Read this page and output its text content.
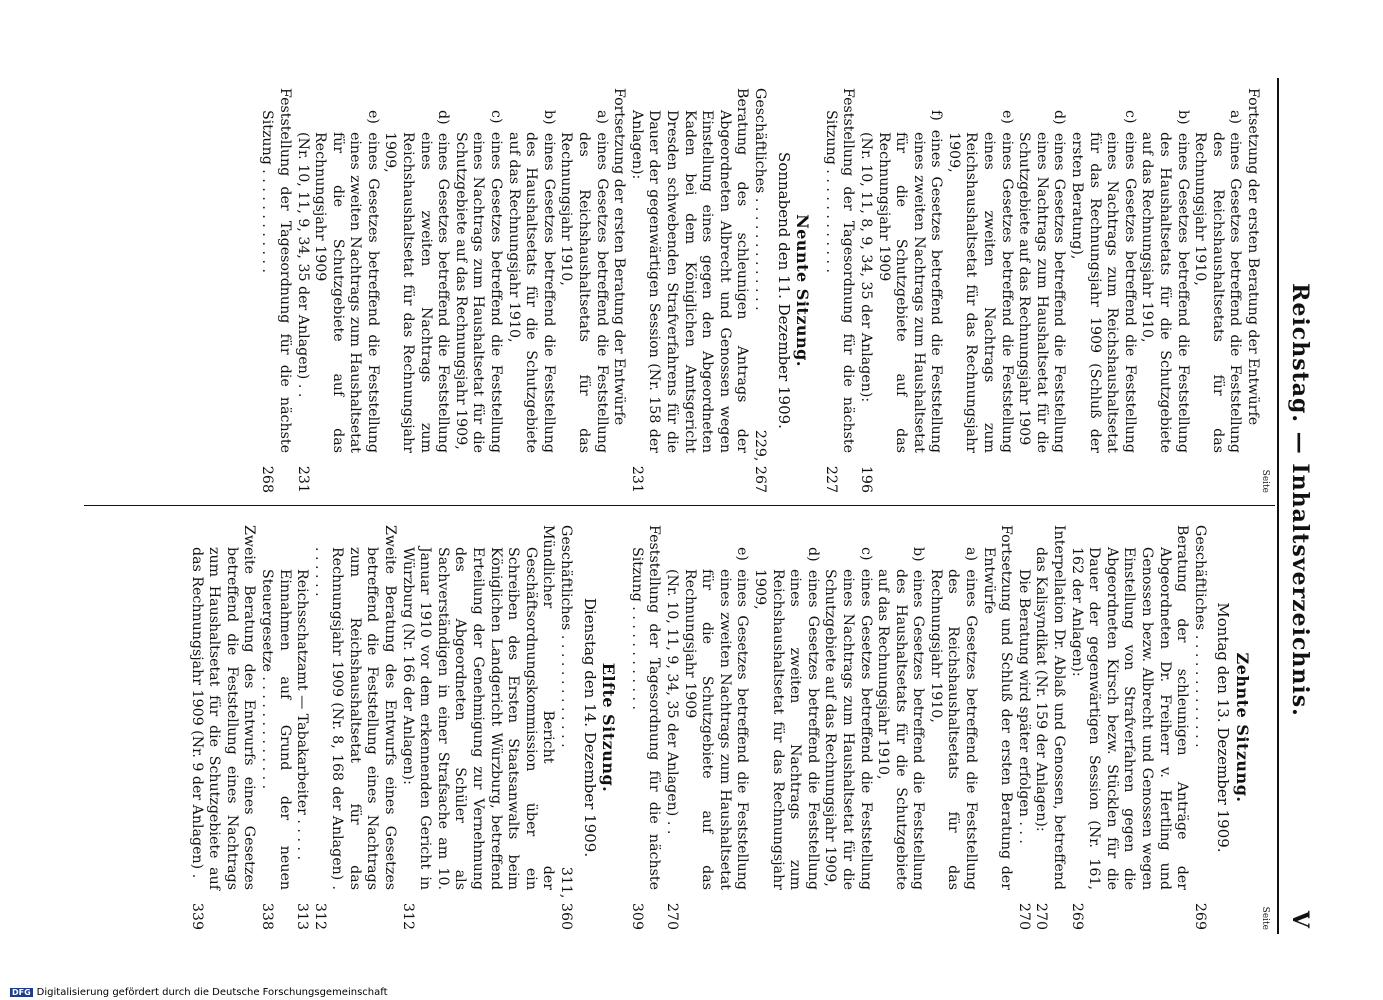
Reichstag. — Inhaltsverzeichnis.
V
Seite
Fortsetzung der ersten Beratung der Entwürfe
a) eines Gesetzes betreffend die Feststellung des Reichshaushaltsetats für das Rechnungsjahr 1910,
b) eines Gesetzes betreffend die Feststellung des Haushaltsetats für die Schutzgebiete auf das Rechnungsjahr 1910,
c) eines Gesetzes betreffend die Feststellung eines Nachtrags zum Reichshaushaltsetat für das Rechnungsjahr 1909 (Schluß der ersten Beratung),
d) eines Gesetzes betreffend die Feststellung eines Nachtrags zum Haushaltsetat für die Schutzgebiete auf das Rechnungsjahr 1909
e) eines Gesetzes betreffend die Feststellung eines zweiten Nachtrags zum Reichshaushaltsetat für das Rechnungsjahr 1909,
f) eines Gesetzes betreffend die Feststellung eines zweiten Nachtrags zum Haushaltsetat für die Schutzgebiete auf das Rechnungsjahr 1909
(Nr. 10, 11, 8, 9, 34, 35 der Anlagen):
196
Feststellung der Tagesordnung für die nächste Sitzung . . . . . . . . . . . .
227
Neunte Sitzung.
Sonnabend den 11. Dezember 1909.
Geschäftliches . . . . . . . . . . . . .
229, 267
Beratung des schleunigen Antrags der Abgeordneten Albrecht und Genossen wegen Einstellung eines gegen den Abgeordneten Kaden bei dem Königlichen Amtsgericht Dresden schwebenden Strafverfahrens für die Dauer der gegenwärtigen Session (Nr. 158 der Anlagen):
231
Fortsetzung der ersten Beratung der Entwürfe
a) eines Gesetzes betreffend die Feststellung des Reichshaushaltsetats für das Rechnungsjahr 1910,
b) eines Gesetzes betreffend die Feststellung des Haushaltsetats für die Schutzgebiete auf das Rechnungsjahr 1910,
c) eines Gesetzes betreffend die Feststellung eines Nachtrags zum Haushaltsetat für die Schutzgebiete auf das Rechnungsjahr 1909,
d) eines Gesetzes betreffend die Feststellung eines zweiten Nachtrags zum Reichshaushaltsetat für das Rechnungsjahr 1909,
e) eines Gesetzes betreffend die Feststellung eines zweiten Nachtrags zum Haushaltsetat für die Schutzgebiete auf das Rechnungsjahr 1909
(Nr. 10, 11, 9, 34, 35 der Anlagen) . .
231
Feststellung der Tagesordnung für die nächste Sitzung . . . . . . . . . . . .
268
Seite
Zehnte Sitzung.
Montag den 13. Dezember 1909.
Geschäftliches . . . . . . . . . . . . .
269
Beratung der schleunigen Anträge der Abgeordneten Dr. Freiherr v. Hertling und Genossen bezw. Albrecht und Genossen wegen Einstellung von Strafverfahren gegen die Abgeordneten Kirsch bezw. Stücklen für die Dauer der gegenwärtigen Session (Nr. 161, 162 der Anlagen):
269
Interpellation Dr. Ablaß und Genossen, betreffend das Kalisyndikat (Nr. 159 der Anlagen):
270
Die Beratung wird später erfolgen . . .
270
Fortsetzung und Schluß der ersten Beratung der Entwürfe
a) eines Gesetzes betreffend die Feststellung des Reichshaushaltsetats für das Rechnungsjahr 1910,
b) eines Gesetzes betreffend die Feststellung des Haushaltsetats für die Schutzgebiete auf das Rechnungsjahr 1910,
c) eines Gesetzes betreffend die Feststellung eines Nachtrags zum Haushaltsetat für die Schutzgebiete auf das Rechnungsjahr 1909,
d) eines Gesetzes betreffend die Feststellung eines zweiten Nachtrags zum Reichshaushaltsetat für das Rechnungsjahr 1909,
e) eines Gesetzes betreffend die Feststellung eines zweiten Nachtrags zum Haushaltsetat für die Schutzgebiete auf das Rechnungsjahr 1909
(Nr. 10, 11, 9, 34, 35 der Anlagen) . .
270
Feststellung der Tagesordnung für die nächste Sitzung . . . . . . . . . . . .
309
Elfte Sitzung.
Dienstag den 14. Dezember 1909.
Geschäftliches . . . . . . . . . . . . .
311, 360
Mündlicher Bericht der Geschäftsordnungskommission über ein Schreiben des Ersten Staatsanwalts beim Königlichen Landgericht Würzburg, betreffend Erteilung der Genehmigung zur Vernehmung des Abgeordneten Schüler als Sachverständigen in einer Strafsache am 10. Januar 1910 vor dem erkennenden Gericht in Würzburg (Nr. 166 der Anlagen):
312
Zweite Beratung des Entwurfs eines Gesetzes betreffend die Feststellung eines Nachtrags zum Reichshaushaltsetat für das Rechnungsjahr 1909 (Nr. 8, 168 der Anlagen) . . . . . . .
312
Reichsschatzamt — Tabakarbeiter . . . . .
313
Einnahmen auf Grund der neuen Steuergesetze . . . . . . . . . . . . .
338
Zweite Beratung des Entwurfs eines Gesetzes betreffend die Feststellung eines Nachtrags zum Haushaltsetat für die Schutzgebiete auf das Rechnungsjahr 1909 (Nr. 9 der Anlagen) .
339
DFG Digitalisierung gefördert durch die Deutsche Forschungsgemeinschaft
